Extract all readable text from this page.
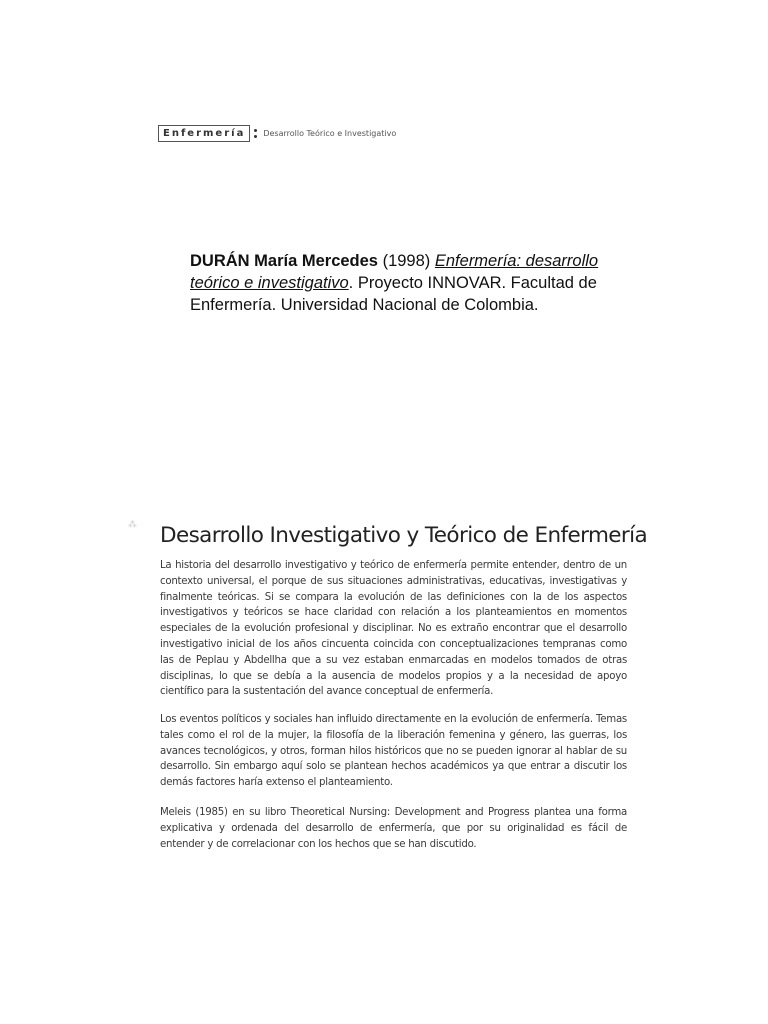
Enfermería	Desarrollo Teórico e Investigativo
DURÁN María Mercedes (1998) Enfermería: desarrollo teórico e investigativo. Proyecto INNOVAR. Facultad de Enfermería. Universidad Nacional de Colombia.
⁂ Desarrollo Investigativo y Teórico de Enfermería

La historia del desarrollo investigativo y teórico de enfermería permite entender, dentro de un contexto universal, el porque de sus situaciones administrativas, educativas, investigativas y finalmente teóricas. Si se compara la evolución de las definiciones con la de los aspectos investigativos y teóricos se hace claridad con relación a los planteamientos en momentos especiales de la evolución profesional y disciplinar. No es extraño encontrar que el desarrollo investigativo inicial de los años cincuenta coincida con conceptualizaciones tempranas como las de Peplau y Abdellha que a su vez estaban enmarcadas en modelos tomados de otras disciplinas, lo que se debía a la ausencia de modelos propios y a la necesidad de apoyo científico para la sustentación del avance conceptual de enfermería.

Los eventos políticos y sociales han influido directamente en la evolución de enfermería. Temas tales como el rol de la mujer, la filosofía de la liberación femenina y género, las guerras, los avances tecnológicos, y otros, forman hilos históricos que no se pueden ignorar al hablar de su desarrollo. Sin embargo aquí solo se plantean hechos académicos ya que entrar a discutir los demás factores haría extenso el planteamiento.

Meleis (1985) en su libro Theoretical Nursing: Development and Progress plantea una forma explicativa y ordenada del desarrollo de enfermería, que por su originalidad es fácil de entender y de correlacionar con los hechos que se han discutido.
